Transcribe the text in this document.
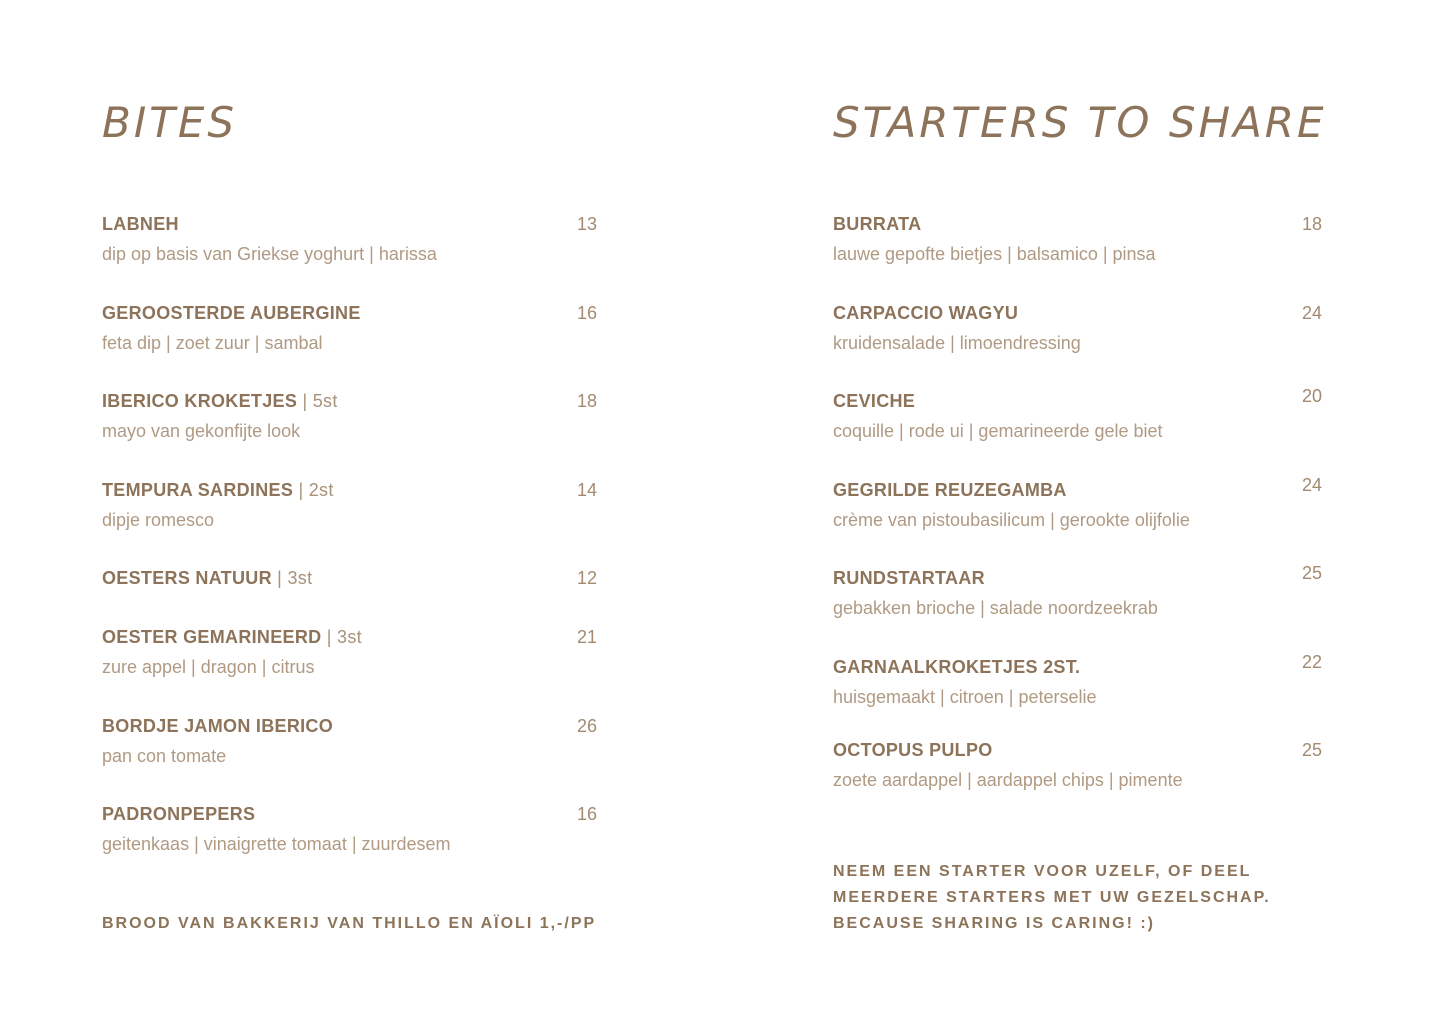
BITES
LABNEH	13
dip op basis van Griekse yoghurt | harissa
GEROOSTERDE AUBERGINE	16
feta dip | zoet zuur | sambal
IBERICO KROKETJES | 5st	18
mayo van gekonfijte look
TEMPURA SARDINES | 2st	14
dipje romesco
OESTERS NATUUR | 3st	12
OESTER GEMARINEERD | 3st	21
zure appel | dragon | citrus
BORDJE JAMON IBERICO	26
pan con tomate
PADRONPEPERS	16
geitenkaas | vinaigrette tomaat | zuurdesem
BROOD VAN BAKKERIJ VAN THILLO EN AÏOLI 1,-/PP
STARTERS TO SHARE
BURRATA	18
lauwe gepofte bietjes | balsamico | pinsa
CARPACCIO WAGYU	24
kruidensalade | limoendressing
CEVICHE	20
coquille | rode ui | gemarineerde gele biet
GEGRILDE REUZEGAMBA	24
crème van pistoubasilicum | gerookte olijfolie
RUNDSTARTAAR	25
gebakken brioche | salade noordzeekrab
GARNAALKROKETJES 2ST.	22
huisgemaakt | citroen | peterselie
OCTOPUS PULPO	25
zoete aardappel | aardappel chips | pimente
NEEM EEN STARTER VOOR UZELF, OF DEEL
MEERDERE STARTERS MET UW GEZELSCHAP.
BECAUSE SHARING IS CARING! :)
